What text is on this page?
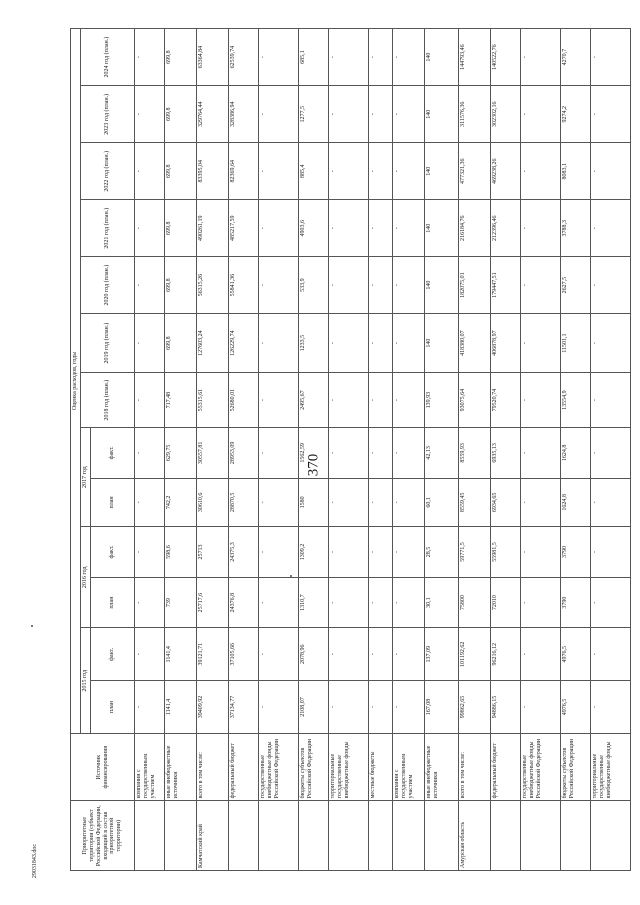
370
Приоритетные территории (субъект Российской Федерации, входящий в состав приоритетной территории)	Источник финансирования	Оценка расходов, годы												
		2015 год		2016 год		2017 год		2018 год (план.)	2019 год (план.)	2020 год (план.)	2021 год (план.)	2022 год (план.)	2023 год (план.)	2024 год (план.)
		план	факт.	план	факт.	план	факт.							
	компании с государственным участием	-	-	-	-	-	-	-	-	-	-	-	-	-
	иные внебюджетные источники	1141,4	1141,4	739	598,6	742,2	629,75	717,48	699,8	699,8	699,8	699,8	699,8	699,8
Камчатский край	всего в том числе:	39409,92	39121,71	25717,6	25713	30610,6	30557,81	55315,61	127603,24	56315,26	490261,19	83395,04	329764,44	63364,84
	федеральный бюджет	37134,77	37105,66	24376,8	24375,3	28870,5	28953,09	52680,01	126229,74	55841,36	485217,59	82369,64	328386,94	62539,74
	государственные внебюджетные фонды Российской Федерации	-	-	-	-	-	-	-	-	-	-	-	-	-
	бюджеты субъектов Российской Федерации	2108,07	2078,96	1310,7	1309,2	1580	1562,59	2495,67	1233,5	533,9	4903,6	885,4	1277,5	685,1
	территориальные государственные внебюджетные фонды	-	-	-	-	-	-	-	-	-	-	-	-	-
	местные бюджеты	-	-	-	-	-	-	-	-	-	-	-	-	-
	компании с государственным участием	-	-	-	-	-	-	-	-	-	-	-	-	-
	иные внебюджетные источники	167,08	137,09	30,1	28,5	60,1	42,13	139,93	140	140	140	140	140	140
Амурская область	всего в том числе:	99862,65	101192,62	75800	59771,5	8559,45	8559,93	93075,64	418380,07	182075,01	216184,76	477321,36	311576,36	144793,46
	федеральный бюджет	94886,15	96216,12	72010	55981,5	6934,65	6935,13	79520,74	406878,97	179447,51	212396,46	469238,26	302302,16	140522,76
	государственные внебюджетные фонды Российской Федерации	-	-	-	-	-	-	-	-	-	-	-	-	-
	бюджеты субъектов Российской Федерации	4976,5	4976,5	3790	3790	1624,8	1624,8	13554,9	11501,1	2627,5	3788,3	8083,1	9274,2	4270,7
	территориальные государственные внебюджетные фонды	-	-	-	-	-	-	-	-	-	-	-	-	-
29031843.doc
